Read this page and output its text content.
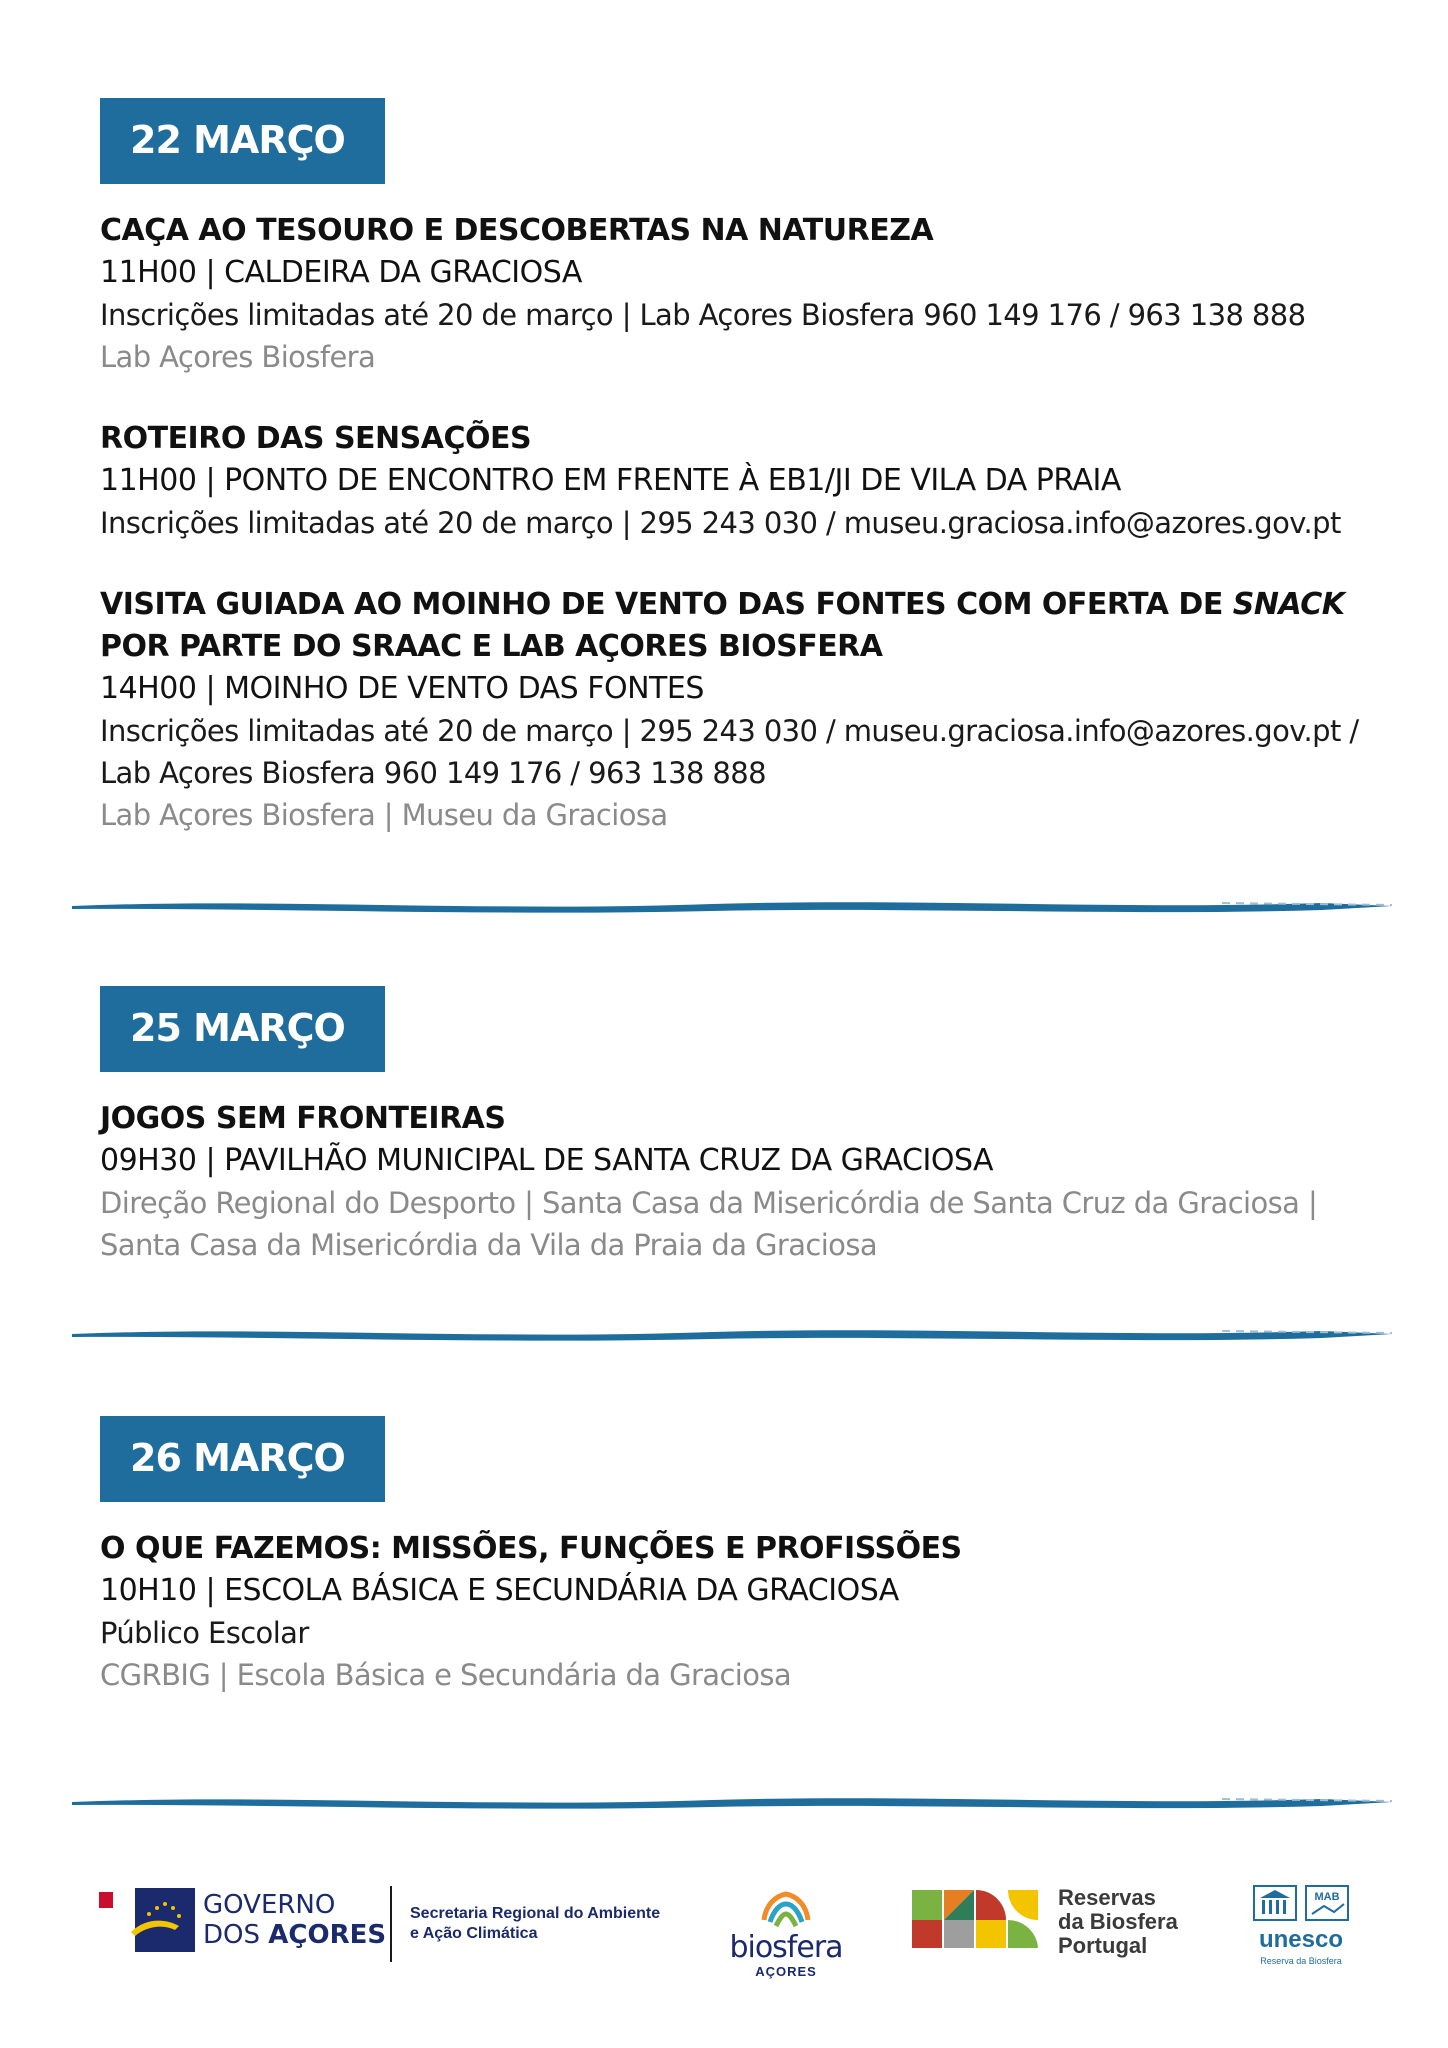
22 MARÇO
CAÇA AO TESOURO E DESCOBERTAS NA NATUREZA
11H00 | CALDEIRA DA GRACIOSA
Inscrições limitadas até 20 de março | Lab Açores Biosfera 960 149 176 / 963 138 888
Lab Açores Biosfera
ROTEIRO DAS SENSAÇÕES
11H00 | PONTO DE ENCONTRO EM FRENTE À EB1/JI DE VILA DA PRAIA
Inscrições limitadas até 20 de março | 295 243 030 / museu.graciosa.info@azores.gov.pt
VISITA GUIADA AO MOINHO DE VENTO DAS FONTES COM OFERTA DE SNACK
POR PARTE DO SRAAC E LAB AÇORES BIOSFERA
14H00 | MOINHO DE VENTO DAS FONTES
Inscrições limitadas até 20 de março | 295 243 030 / museu.graciosa.info@azores.gov.pt /
Lab Açores Biosfera 960 149 176 / 963 138 888
Lab Açores Biosfera | Museu da Graciosa
25 MARÇO
JOGOS SEM FRONTEIRAS
09H30 | PAVILHÃO MUNICIPAL DE SANTA CRUZ DA GRACIOSA
Direção Regional do Desporto | Santa Casa da Misericórdia de Santa Cruz da Graciosa |
Santa Casa da Misericórdia da Vila da Praia da Graciosa
26 MARÇO
O QUE FAZEMOS: MISSÕES, FUNÇÕES E PROFISSÕES
10H10 | ESCOLA BÁSICA E SECUNDÁRIA DA GRACIOSA
Público Escolar
CGRBIG | Escola Básica e Secundária da Graciosa
GOVERNO
DOS AÇORES
Secretaria Regional do Ambiente
e Ação Climática	biosfera
AÇORES
Reservas
da Biosfera
Portugal
MAB
unesco
Reserva da Biosfera
